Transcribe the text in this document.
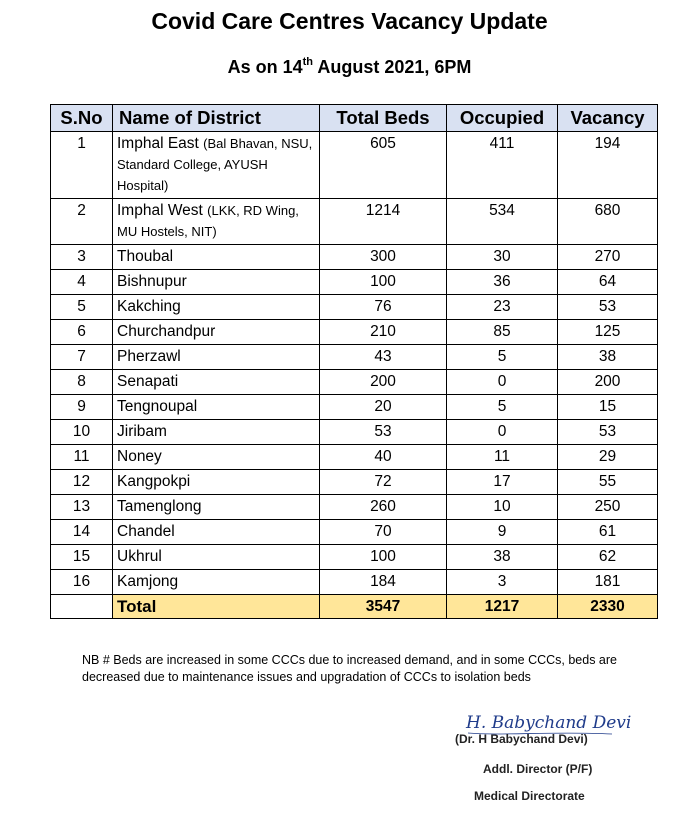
Covid Care Centres Vacancy Update
As on 14th August 2021, 6PM
S.No	Name of District	Total Beds	Occupied	Vacancy
1	Imphal East (Bal Bhavan, NSU, Standard College, AYUSH Hospital)	605	411	194
2	Imphal West (LKK, RD Wing, MU Hostels, NIT)	1214	534	680
3	Thoubal	300	30	270
4	Bishnupur	100	36	64
5	Kakching	76	23	53
6	Churchandpur	210	85	125
7	Pherzawl	43	5	38
8	Senapati	200	0	200
9	Tengnoupal	20	5	15
10	Jiribam	53	0	53
11	Noney	40	11	29
12	Kangpokpi	72	17	55
13	Tamenglong	260	10	250
14	Chandel	70	9	61
15	Ukhrul	100	38	62
16	Kamjong	184	3	181
	Total	3547	1217	2330
NB # Beds are increased in some CCCs due to increased demand, and in some CCCs, beds are decreased due to maintenance issues and upgradation of CCCs to isolation beds
H. Babychand Devi
(Dr. H Babychand Devi)
Addl. Director (P/F)
Medical Directorate
